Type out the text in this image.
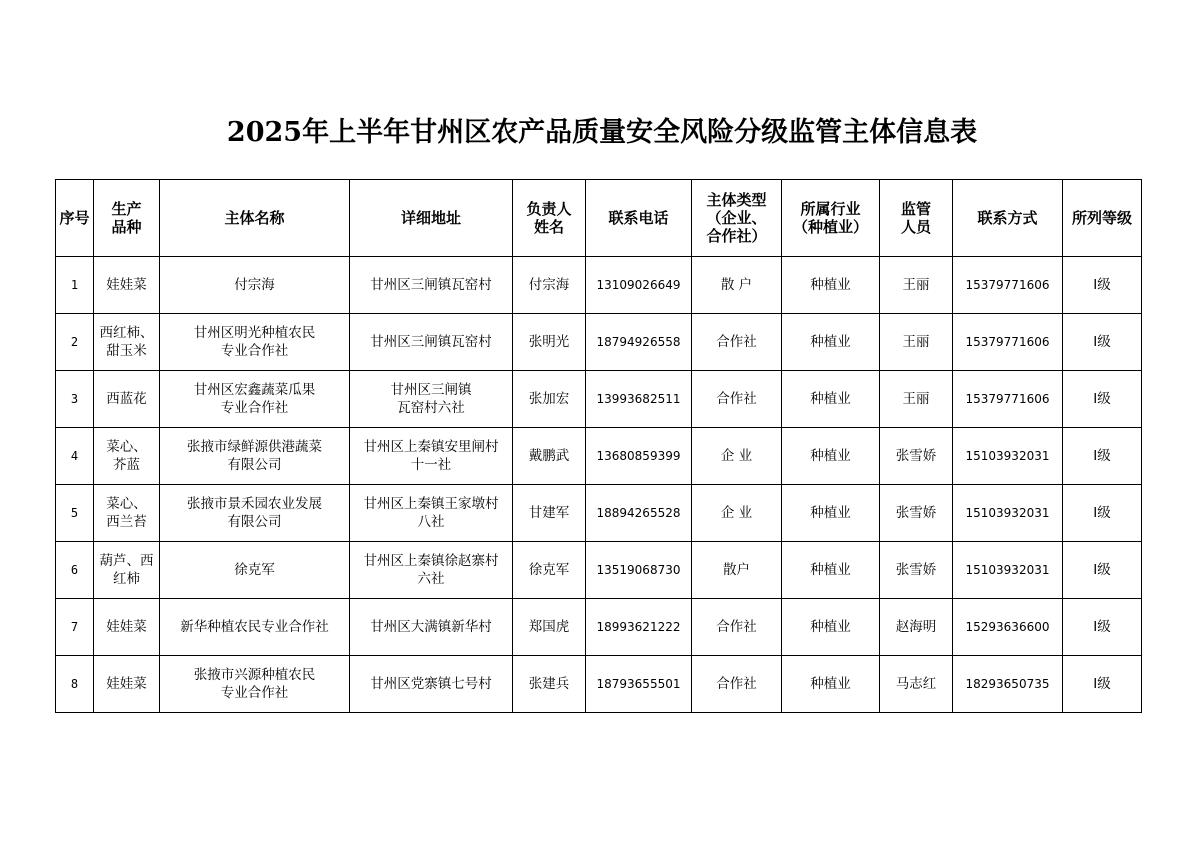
2025年上半年甘州区农产品质量安全风险分级监管主体信息表
序号	生产
品种	主体名称	详细地址	负责人
姓名	联系电话	主体类型
（企业、
合作社）	所属行业
（种植业）	监管
人员	联系方式	所列等级

1	娃娃菜	付宗海	甘州区三闸镇瓦窑村	付宗海	13109026649	散 户	种植业	王丽	15379771606	Ⅰ级

2	西红柿、
甜玉米	甘州区明光种植农民
专业合作社	甘州区三闸镇瓦窑村	张明光	18794926558	合作社	种植业	王丽	15379771606	Ⅰ级

3	西蓝花	甘州区宏鑫蔬菜瓜果
专业合作社	甘州区三闸镇
瓦窑村六社	张加宏	13993682511	合作社	种植业	王丽	15379771606	Ⅰ级

4	菜心、
芥蓝	张掖市绿鲜源供港蔬菜
有限公司	甘州区上秦镇安里闸村
十一社	戴鹏武	13680859399	企 业	种植业	张雪娇	15103932031	Ⅰ级

5	菜心、
西兰苔	张掖市景禾园农业发展
有限公司	甘州区上秦镇王家墩村
八社	甘建军	18894265528	企 业	种植业	张雪娇	15103932031	Ⅰ级

6	葫芦、西
红柿	徐克军	甘州区上秦镇徐赵寨村
六社	徐克军	13519068730	散户	种植业	张雪娇	15103932031	Ⅰ级

7	娃娃菜	新华种植农民专业合作社	甘州区大满镇新华村	郑国虎	18993621222	合作社	种植业	赵海明	15293636600	Ⅰ级

8	娃娃菜	张掖市兴源种植农民
专业合作社	甘州区党寨镇七号村	张建兵	18793655501	合作社	种植业	马志红	18293650735	Ⅰ级
